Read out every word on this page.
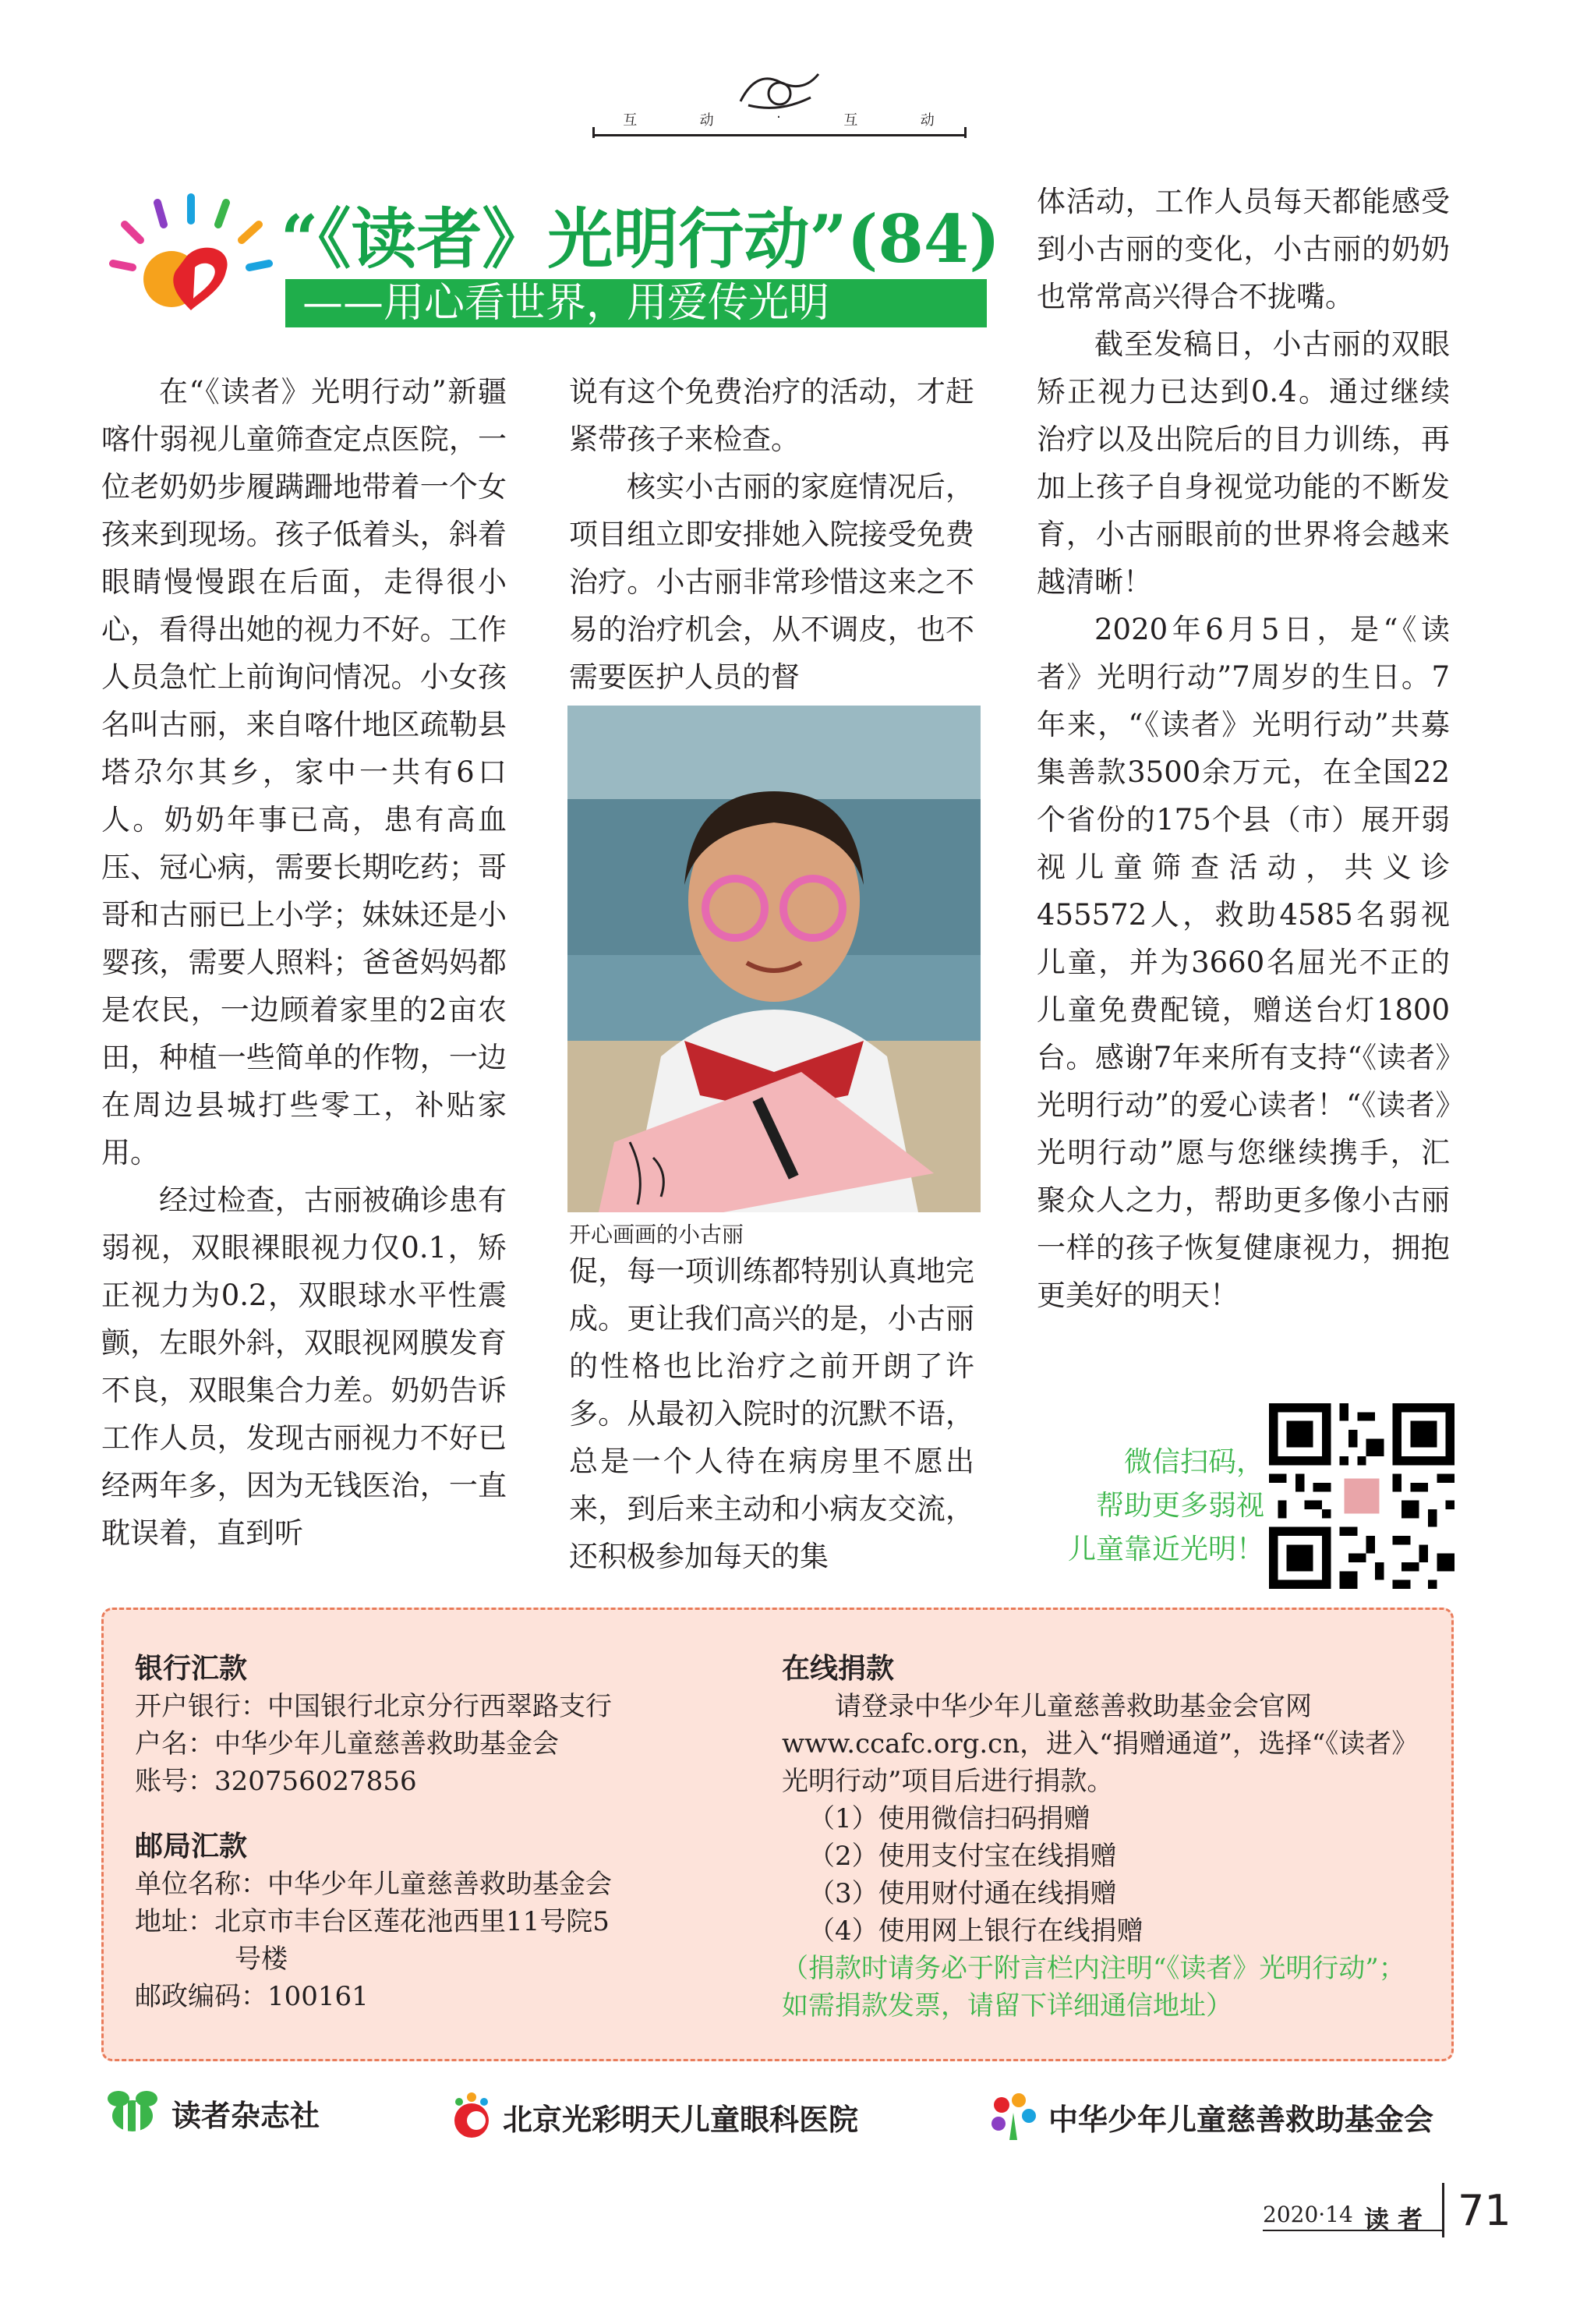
互	动	·	互	动
“《读者》光明行动”(84)
——用心看世界，用爱传光明

在“《读者》光明行动”新疆喀什弱视儿童筛查定点医院，一位老奶奶步履蹒跚地带着一个女孩来到现场。孩子低着头，斜着眼睛慢慢跟在后面，走得很小心，看得出她的视力不好。工作人员急忙上前询问情况。小女孩名叫古丽，来自喀什地区疏勒县塔尕尔其乡，家中一共有6口人。奶奶年事已高，患有高血压、冠心病，需要长期吃药；哥哥和古丽已上小学；妹妹还是小婴孩，需要人照料；爸爸妈妈都是农民，一边顾着家里的2亩农田，种植一些简单的作物，一边在周边县城打些零工，补贴家用。

经过检查，古丽被确诊患有弱视，双眼裸眼视力仅0.1，矫正视力为0.2，双眼球水平性震颤，左眼外斜，双眼视网膜发育不良，双眼集合力差。奶奶告诉工作人员，发现古丽视力不好已经两年多，因为无钱医治，一直耽误着，直到听

说有这个免费治疗的活动，才赶紧带孩子来检查。

核实小古丽的家庭情况后，项目组立即安排她入院接受免费治疗。小古丽非常珍惜这来之不易的治疗机会，从不调皮，也不需要医护人员的督

开心画画的小古丽

促，每一项训练都特别认真地完成。更让我们高兴的是，小古丽的性格也比治疗之前开朗了许多。从最初入院时的沉默不语，总是一个人待在病房里不愿出来，到后来主动和小病友交流，还积极参加每天的集

体活动，工作人员每天都能感受到小古丽的变化，小古丽的奶奶也常常高兴得合不拢嘴。

截至发稿日，小古丽的双眼矫正视力已达到0.4。通过继续治疗以及出院后的目力训练，再加上孩子自身视觉功能的不断发育，小古丽眼前的世界将会越来越清晰！

2020年6月5日，是“《读者》光明行动”7周岁的生日。7年来，“《读者》光明行动”共募集善款3500余万元，在全国22个省份的175个县（市）展开弱视儿童筛查活动，共义诊455572人，救助4585名弱视儿童，并为3660名屈光不正的儿童免费配镜，赠送台灯1800台。感谢7年来所有支持“《读者》光明行动”的爱心读者！“《读者》光明行动”愿与您继续携手，汇聚众人之力，帮助更多像小古丽一样的孩子恢复健康视力，拥抱更美好的明天！

微信扫码，
帮助更多弱视
儿童靠近光明！
银行汇款

开户银行：中国银行北京分行西翠路支行

户名：中华少年儿童慈善救助基金会

账号：320756027856

邮局汇款

单位名称：中华少年儿童慈善救助基金会

地址：北京市丰台区莲花池西里11号院5

号楼

邮政编码：100161

在线捐款

请登录中华少年儿童慈善救助基金会官网www.ccafc.org.cn，进入“捐赠通道”，选择“《读者》光明行动”项目后进行捐款。

（1）使用微信扫码捐赠

（2）使用支付宝在线捐赠

（3）使用财付通在线捐赠

（4）使用网上银行在线捐赠

（捐款时请务必于附言栏内注明“《读者》光明行动”；如需捐款发票，请留下详细通信地址）

读者杂志社	北京光彩明天儿童眼科医院	中华少年儿童慈善救助基金会
2020·14 读 者 71
